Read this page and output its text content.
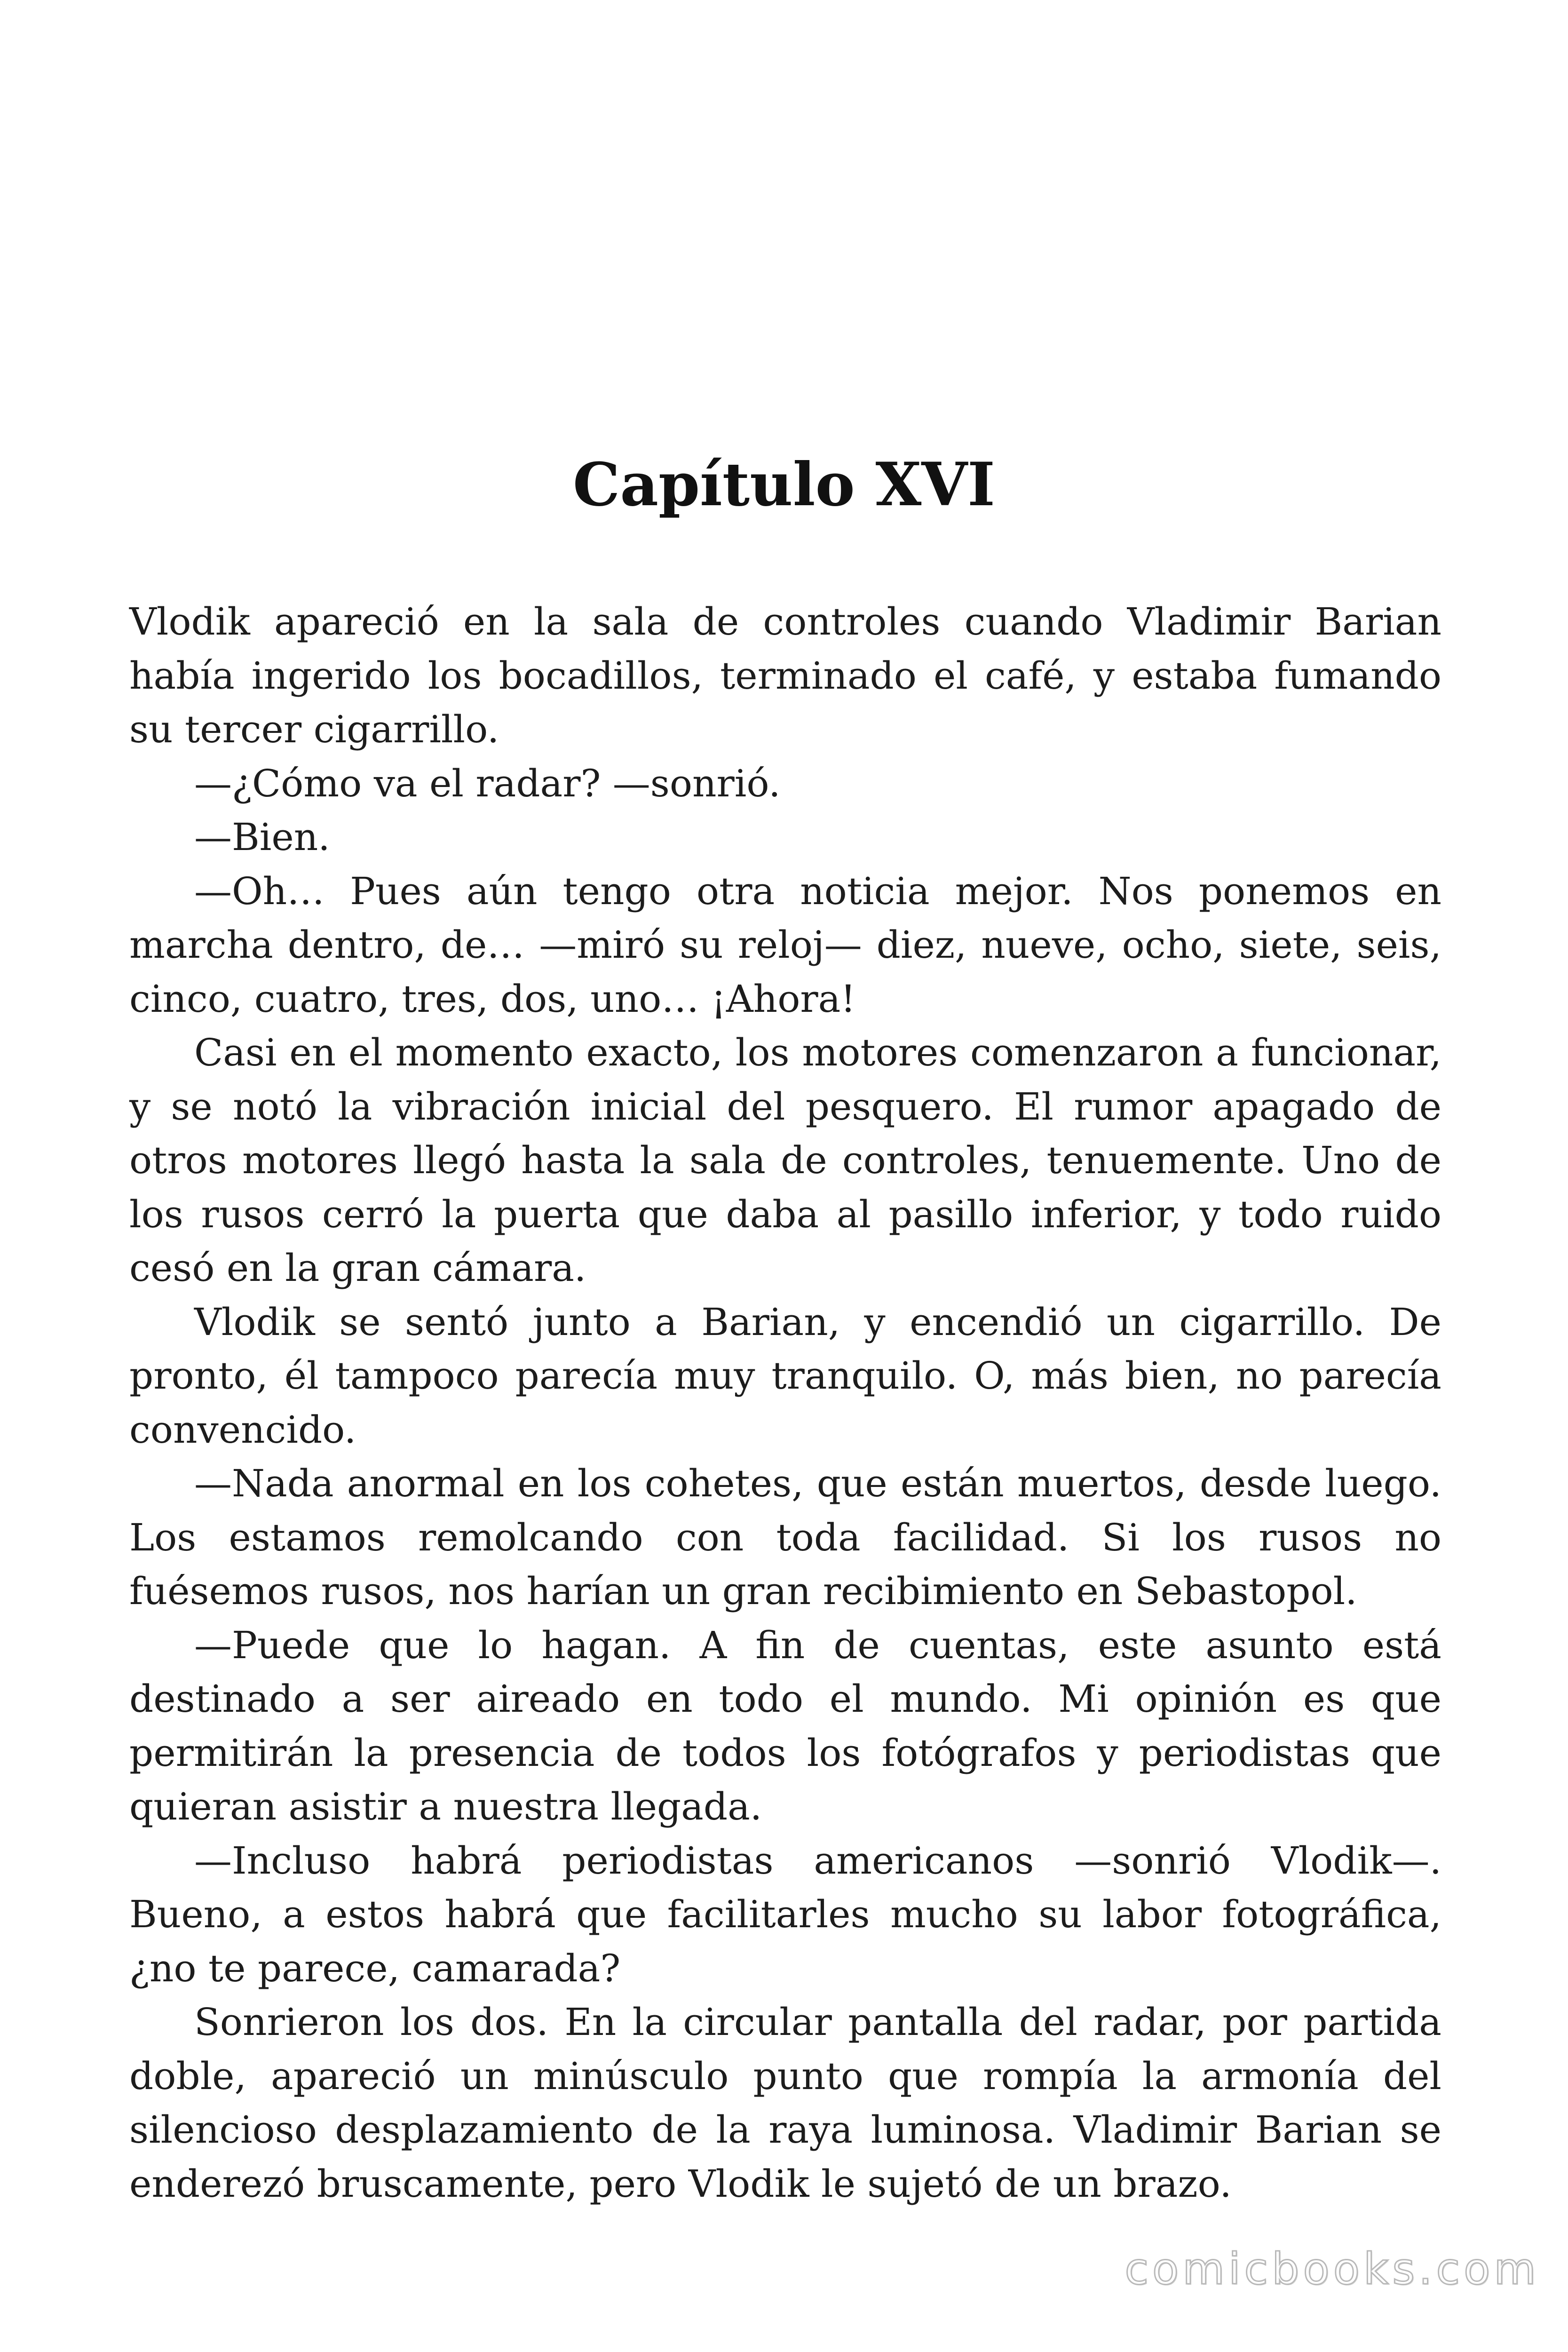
Capítulo XVI

Vlodik apareció en la sala de controles cuando Vladimir Barian había ingerido los bocadillos, terminado el café, y estaba fumando su tercer cigarrillo.

—¿Cómo va el radar? —sonrió.

—Bien.

—Oh… Pues aún tengo otra noticia mejor. Nos ponemos en marcha dentro, de… —miró su reloj— diez, nueve, ocho, siete, seis, cinco, cuatro, tres, dos, uno… ¡Ahora!

Casi en el momento exacto, los motores comenzaron a funcionar, y se notó la vibración inicial del pesquero. El rumor apagado de otros motores llegó hasta la sala de controles, tenuemente. Uno de los rusos cerró la puerta que daba al pasillo inferior, y todo ruido cesó en la gran cámara.

Vlodik se sentó junto a Barian, y encendió un cigarrillo. De pronto, él tampoco parecía muy tranquilo. O, más bien, no parecía convencido.

—Nada anormal en los cohetes, que están muertos, desde luego. Los estamos remolcando con toda facilidad. Si los rusos no fuésemos rusos, nos harían un gran recibimiento en Sebastopol.

—Puede que lo hagan. A fin de cuentas, este asunto está destinado a ser aireado en todo el mundo. Mi opinión es que permitirán la presencia de todos los fotógrafos y periodistas que quieran asistir a nuestra llegada.

—Incluso habrá periodistas americanos —sonrió Vlodik—. Bueno, a estos habrá que facilitarles mucho su labor fotográfica, ¿no te parece, camarada?

Sonrieron los dos. En la circular pantalla del radar, por partida doble, apareció un minúsculo punto que rompía la armonía del silencioso desplazamiento de la raya luminosa. Vladimir Barian se enderezó bruscamente, pero Vlodik le sujetó de un brazo.

comicbooks.com
